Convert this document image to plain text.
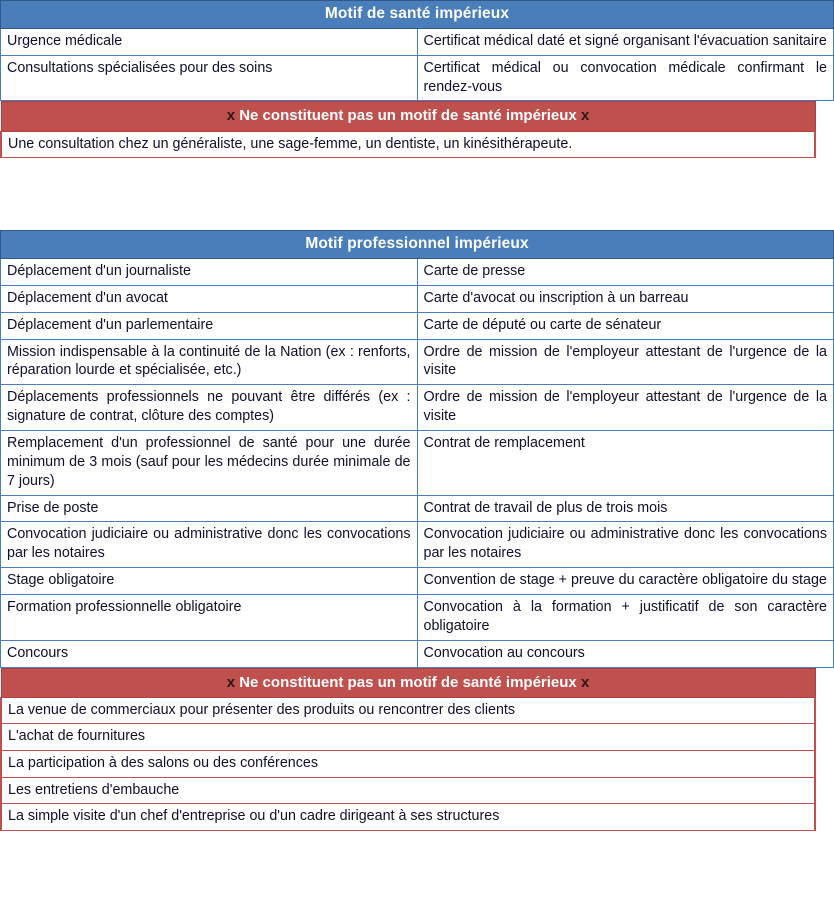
Motif de santé impérieux	
Urgence médicale	Certificat médical daté et signé organisant l'évacuation sanitaire
Consultations spécialisées pour des soins	Certificat médical ou convocation médicale confirmant le rendez-vous
x Ne constituent pas un motif de santé impérieux x
Une consultation chez un généraliste, une sage-femme, un dentiste, un kinésithérapeute.
Motif professionnel impérieux	
Déplacement d'un journaliste	Carte de presse
Déplacement d'un avocat	Carte d'avocat ou inscription à un barreau
Déplacement d'un parlementaire	Carte de député ou carte de sénateur
Mission indispensable à la continuité de la Nation (ex : renforts, réparation lourde et spécialisée, etc.)	Ordre de mission de l'employeur attestant de l'urgence de la visite
Déplacements professionnels ne pouvant être différés (ex : signature de contrat, clôture des comptes)	Ordre de mission de l'employeur attestant de l'urgence de la visite
Remplacement d'un professionnel de santé pour une durée minimum de 3 mois (sauf pour les médecins durée minimale de 7 jours)	Contrat de remplacement
Prise de poste	Contrat de travail de plus de trois mois
Convocation judiciaire ou administrative donc les convocations par les notaires	Convocation judiciaire ou administrative donc les convocations par les notaires
Stage obligatoire	Convention de stage + preuve du caractère obligatoire du stage
Formation professionnelle obligatoire	Convocation à la formation + justificatif de son caractère obligatoire
Concours	Convocation au concours
x Ne constituent pas un motif de santé impérieux x
La venue de commerciaux pour présenter des produits ou rencontrer des clients
L'achat de fournitures
La participation à des salons ou des conférences
Les entretiens d'embauche
La simple visite d'un chef d'entreprise ou d'un cadre dirigeant à ses structures
